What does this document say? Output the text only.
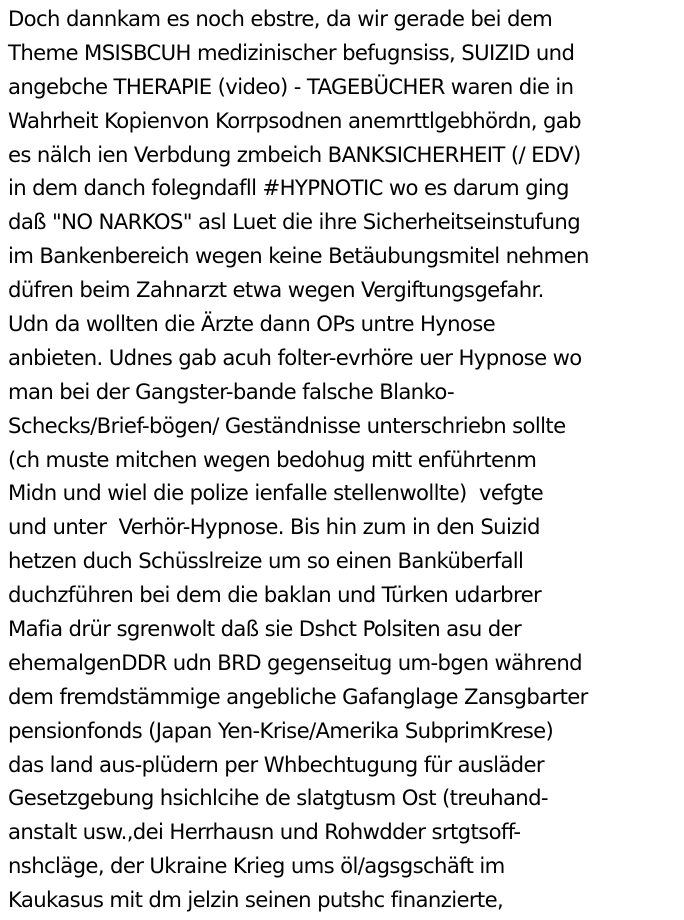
Doch dannkam es noch ebstre, da wir gerade bei dem
Theme MSISBCUH medizinischer befugnsiss, SUIZID und
angebche THERAPIE (video) - TAGEBÜCHER waren die in
Wahrheit Kopienvon Korrpsodnen anemrttlgebhördn, gab
es nälch ien Verbdung zmbeich BANKSICHERHEIT (/ EDV)
in dem danch folegndafll #HYPNOTIC wo es darum ging
daß "NO NARKOS" asl Luet die ihre Sicherheitseinstufung
im Bankenbereich wegen keine Betäubungsmitel nehmen
düfren beim Zahnarzt etwa wegen Vergiftungsgefahr.
Udn da wollten die Ärzte dann OPs untre Hynose
anbieten. Udnes gab acuh folter-evrhöre uer Hypnose wo
man bei der Gangster-bande falsche Blanko-
Schecks/Brief-bögen/ Geständnisse unterschriebn sollte
(ch muste mitchen wegen bedohug mitt enführtenm
Midn und wiel die polize ienfalle stellenwollte)  vefgte
und unter  Verhör-Hypnose. Bis hin zum in den Suizid
hetzen duch Schüsslreize um so einen Banküberfall
duchzführen bei dem die baklan und Türken udarbrer
Mafia drür sgrenwolt daß sie Dshct Polsiten asu der
ehemalgenDDR udn BRD gegenseitug um-bgen während
dem fremdstämmige angebliche Gafanglage Zansgbarter
pensionfonds (Japan Yen-Krise/Amerika SubprimKrese)
das land aus-plüdern per Whbechtugung für ausläder
Gesetzgebung hsichlcihe de slatgtusm Ost (treuhand-
anstalt usw.,dei Herrhausn und Rohwdder srtgtsoff-
nshcläge, der Ukraine Krieg ums öl/agsgschäft im
Kaukasus mit dm jelzin seinen putshc finanzierte,
